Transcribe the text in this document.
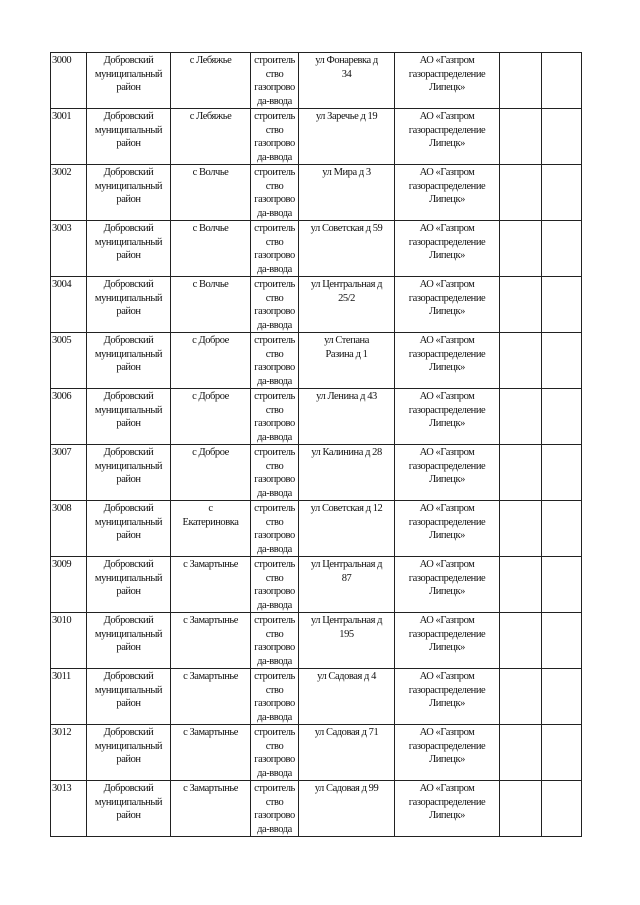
3000	Добровский
муниципальный
район	с Лебяжье	строитель
ство
газопрово
да-ввода	ул Фонаревка д
34	АО «Газпром
газораспределение
Липецк»		

3001	Добровский
муниципальный
район	с Лебяжье	строитель
ство
газопрово
да-ввода	ул Заречье д 19	АО «Газпром
газораспределение
Липецк»		

3002	Добровский
муниципальный
район	с Волчье	строитель
ство
газопрово
да-ввода	ул Мира д 3	АО «Газпром
газораспределение
Липецк»		

3003	Добровский
муниципальный
район	с Волчье	строитель
ство
газопрово
да-ввода	ул Советская д 59	АО «Газпром
газораспределение
Липецк»		

3004	Добровский
муниципальный
район	с Волчье	строитель
ство
газопрово
да-ввода	ул Центральная д
25/2	АО «Газпром
газораспределение
Липецк»		

3005	Добровский
муниципальный
район	с Доброе	строитель
ство
газопрово
да-ввода	ул Степана
Разина д 1	АО «Газпром
газораспределение
Липецк»		

3006	Добровский
муниципальный
район	с Доброе	строитель
ство
газопрово
да-ввода	ул Ленина д 43	АО «Газпром
газораспределение
Липецк»		

3007	Добровский
муниципальный
район	с Доброе	строитель
ство
газопрово
да-ввода	ул Калинина д 28	АО «Газпром
газораспределение
Липецк»		

3008	Добровский
муниципальный
район	с
Екатериновка	строитель
ство
газопрово
да-ввода	ул Советская д 12	АО «Газпром
газораспределение
Липецк»		

3009	Добровский
муниципальный
район	с Замартынье	строитель
ство
газопрово
да-ввода	ул Центральная д
87	АО «Газпром
газораспределение
Липецк»		

3010	Добровский
муниципальный
район	с Замартынье	строитель
ство
газопрово
да-ввода	ул Центральная д
195	АО «Газпром
газораспределение
Липецк»		

3011	Добровский
муниципальный
район	с Замартынье	строитель
ство
газопрово
да-ввода	ул Садовая д 4	АО «Газпром
газораспределение
Липецк»		

3012	Добровский
муниципальный
район	с Замартынье	строитель
ство
газопрово
да-ввода	ул Садовая д 71	АО «Газпром
газораспределение
Липецк»		

3013	Добровский
муниципальный
район	с Замартынье	строитель
ство
газопрово
да-ввода	ул Садовая д 99	АО «Газпром
газораспределение
Липецк»		
